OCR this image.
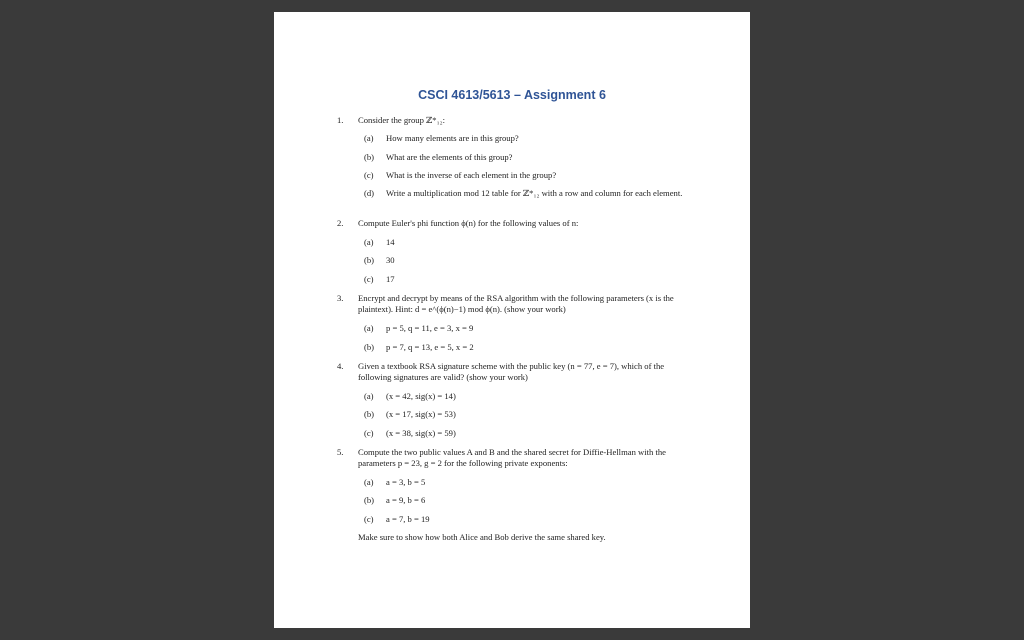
CSCI 4613/5613 – Assignment 6
1.	Consider the group ℤ*₁₂:
(a) How many elements are in this group?
(b) What are the elements of this group?
(c) What is the inverse of each element in the group?
(d) Write a multiplication mod 12 table for ℤ*₁₂ with a row and column for each element.
2.	Compute Euler's phi function ϕ(n) for the following values of n:
(a) 14
(b) 30
(c) 17
3.	Encrypt and decrypt by means of the RSA algorithm with the following parameters (x is the plaintext). Hint: d = e^(ϕ(n)−1) mod ϕ(n). (show your work)
(a) p = 5, q = 11, e = 3, x = 9
(b) p = 7, q = 13, e = 5, x = 2
4.	Given a textbook RSA signature scheme with the public key (n = 77, e = 7), which of the following signatures are valid? (show your work)
(a) (x = 42, sig(x) = 14)
(b) (x = 17, sig(x) = 53)
(c) (x = 38, sig(x) = 59)
5.	Compute the two public values A and B and the shared secret for Diffie-Hellman with the parameters p = 23, g = 2 for the following private exponents:
(a) a = 3, b = 5
(b) a = 9, b = 6
(c) a = 7, b = 19
Make sure to show how both Alice and Bob derive the same shared key.
